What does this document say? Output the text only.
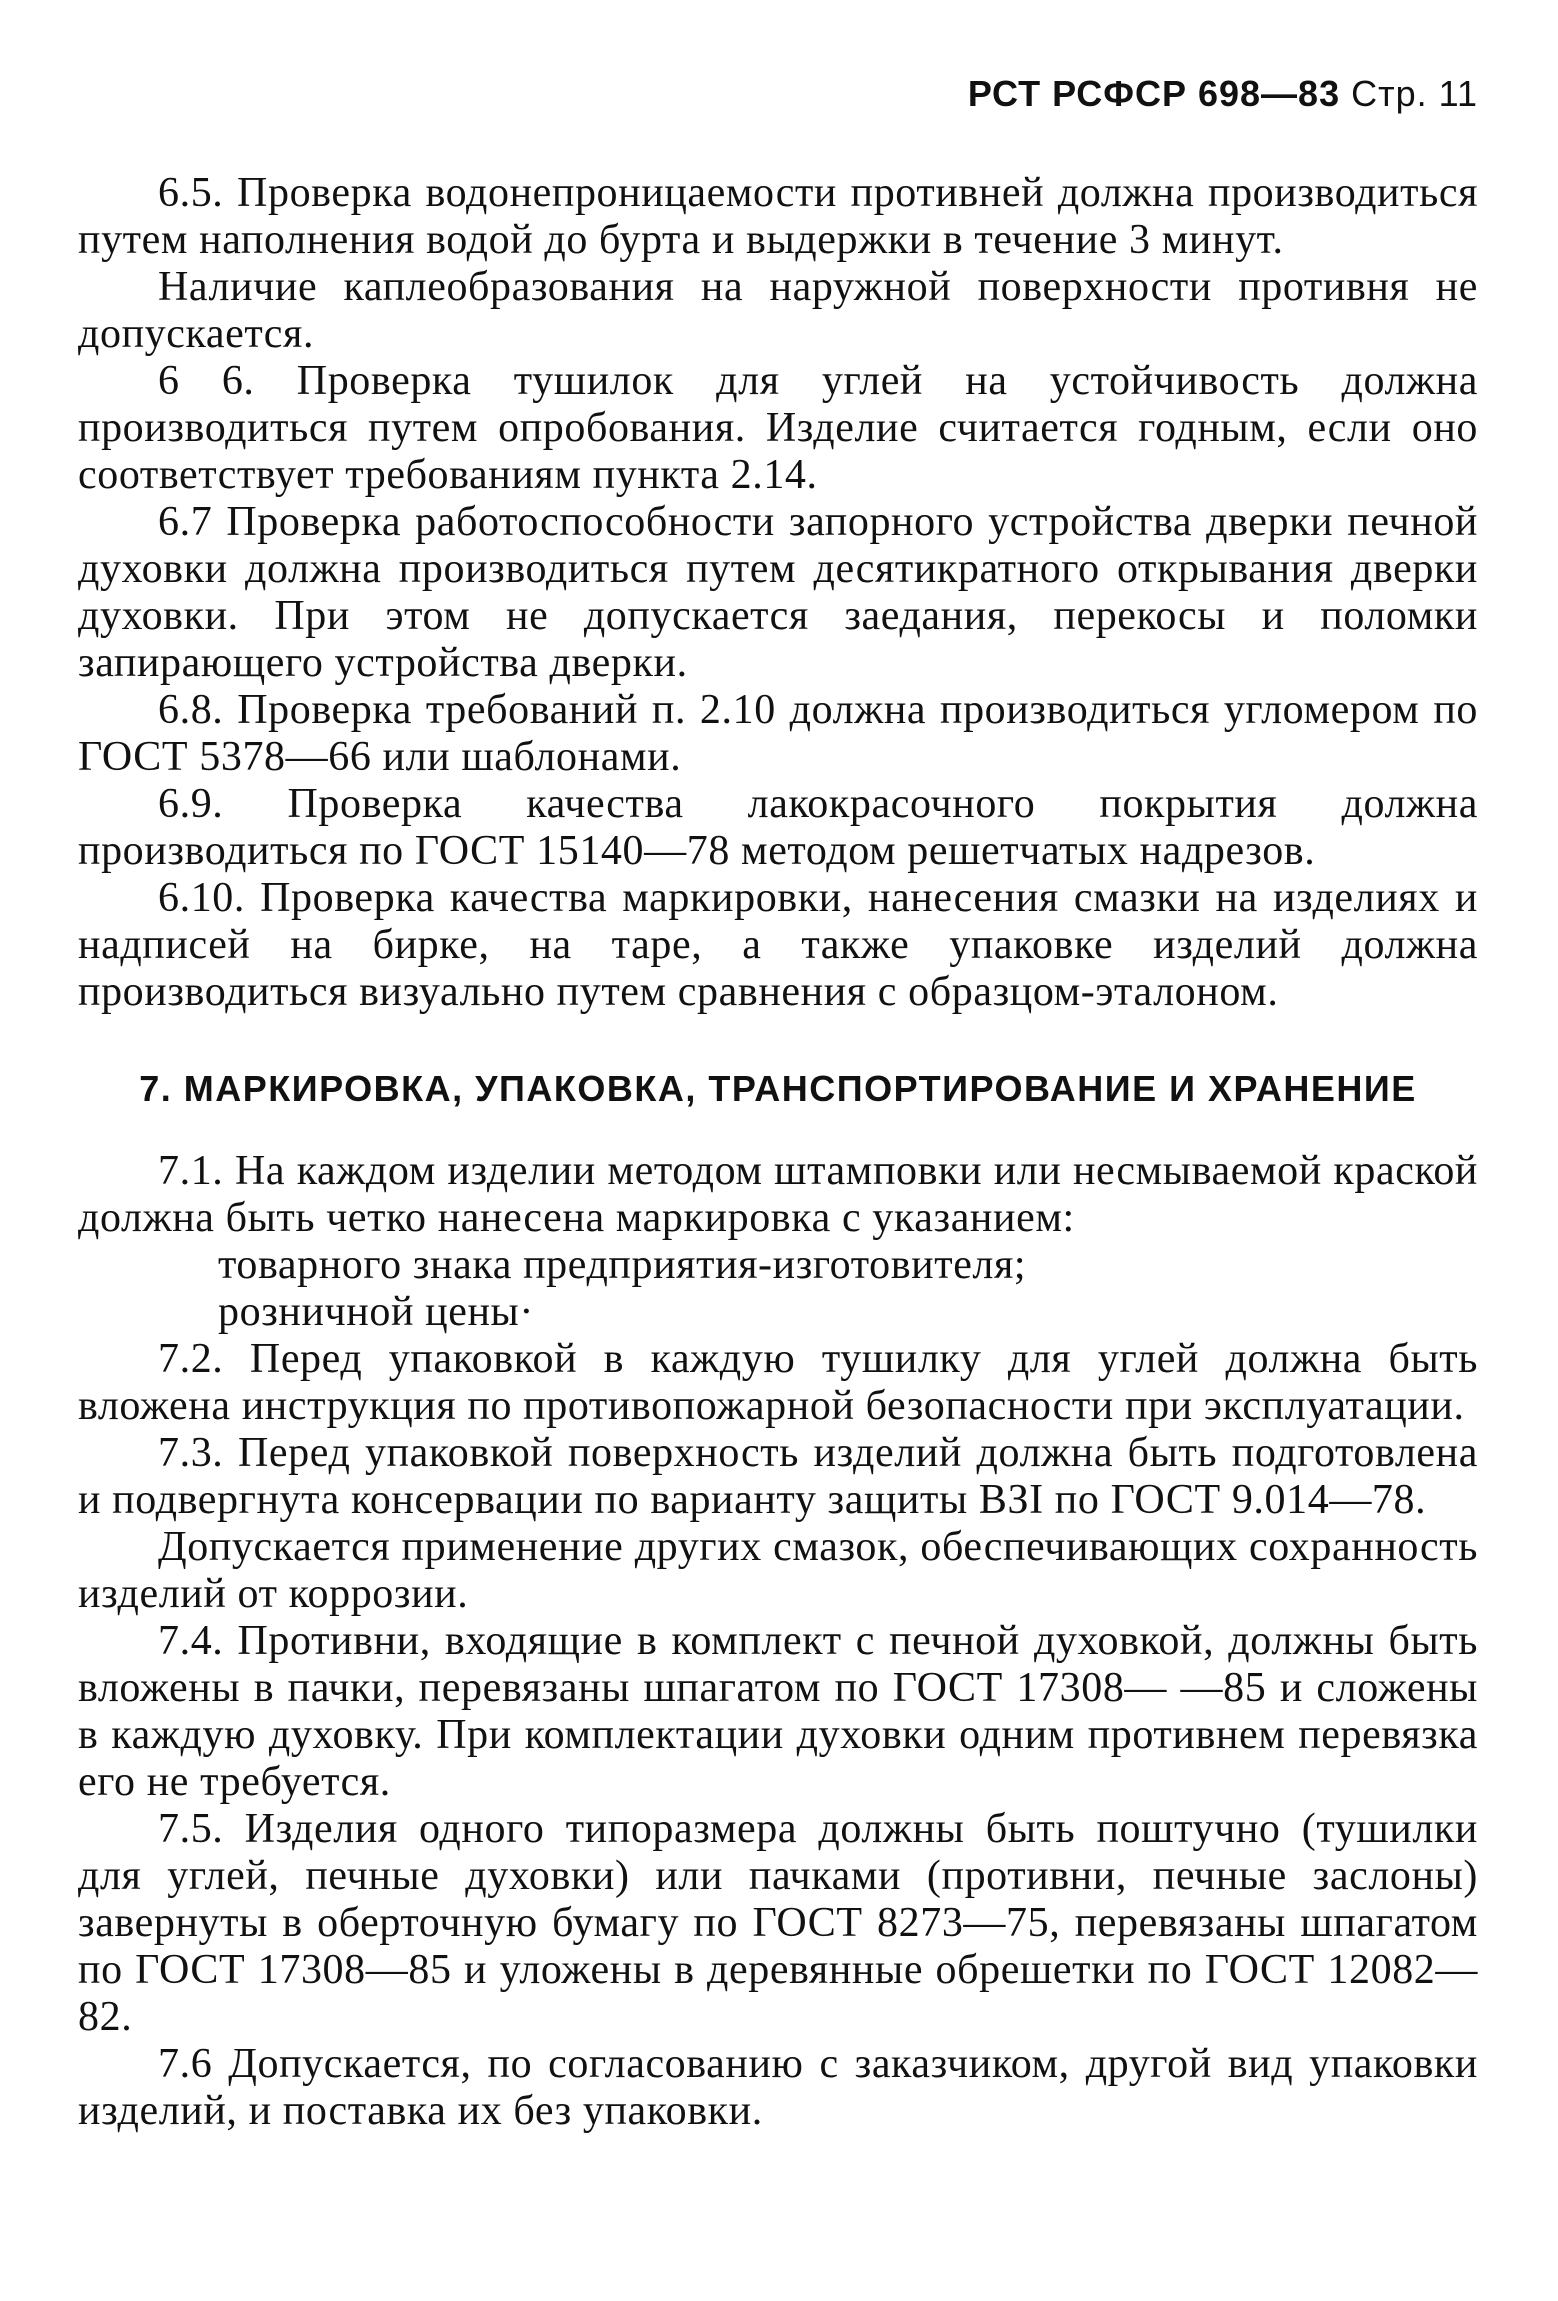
РСТ РСФСР 698—83 Стр. 11

6.5. Проверка водонепроницаемости противней должна производиться путем наполнения водой до бурта и выдержки в течение 3 минут.

Наличие каплеобразования на наружной поверхности противня не допускается.

6 6. Проверка тушилок для углей на устойчивость должна производиться путем опробования. Изделие считается годным, если оно соответствует требованиям пункта 2.14.

6.7 Проверка работоспособности запорного устройства дверки печной духовки должна производиться путем десятикратного открывания дверки духовки. При этом не допускается заедания, перекосы и поломки запирающего устройства дверки.

6.8. Проверка требований п. 2.10 должна производиться угломером по ГОСТ 5378—66 или шаблонами.

6.9. Проверка качества лакокрасочного покрытия должна производиться по ГОСТ 15140—78 методом решетчатых надрезов.

6.10. Проверка качества маркировки, нанесения смазки на изделиях и надписей на бирке, на таре, а также упаковке изделий должна производиться визуально путем сравнения с образцом-эталоном.

7. МАРКИРОВКА, УПАКОВКА, ТРАНСПОРТИРОВАНИЕ И ХРАНЕНИЕ

7.1. На каждом изделии методом штамповки или несмываемой краской должна быть четко нанесена маркировка с указанием:

товарного знака предприятия-изготовителя;

розничной цены·

7.2. Перед упаковкой в каждую тушилку для углей должна быть вложена инструкция по противопожарной безопасности при эксплуатации.

7.3. Перед упаковкой поверхность изделий должна быть подготовлена и подвергнута консервации по варианту защиты ВЗI по ГОСТ 9.014—78.

Допускается применение других смазок, обеспечивающих сохранность изделий от коррозии.

7.4. Противни, входящие в комплект с печной духовкой, должны быть вложены в пачки, перевязаны шпагатом по ГОСТ 17308— —85 и сложены в каждую духовку. При комплектации духовки одним противнем перевязка его не требуется.

7.5. Изделия одного типоразмера должны быть поштучно (тушилки для углей, печные духовки) или пачками (противни, печные заслоны) завернуты в оберточную бумагу по ГОСТ 8273—75, перевязаны шпагатом по ГОСТ 17308—85 и уложены в деревянные обрешетки по ГОСТ 12082—82.

7.6 Допускается, по согласованию с заказчиком, другой вид упаковки изделий, и поставка их без упаковки.
